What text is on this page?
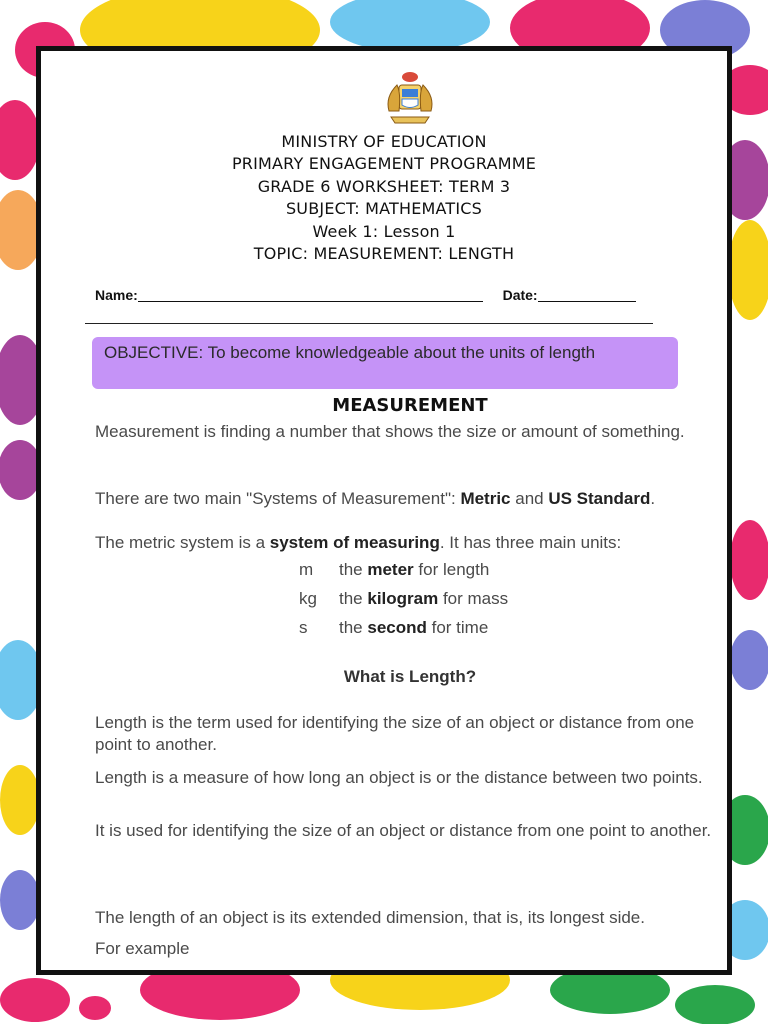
MINISTRY OF EDUCATION
PRIMARY ENGAGEMENT PROGRAMME
GRADE 6 WORKSHEET: TERM 3
SUBJECT: MATHEMATICS
Week 1: Lesson 1
TOPIC: MEASUREMENT: LENGTH
Name:	Date:
OBJECTIVE: To become knowledgeable about the units of length
MEASUREMENT
Measurement is finding a number that shows the size or amount of something.
There are two main "Systems of Measurement": Metric and US Standard.
The metric system is a system of measuring. It has three main units:
m the meter for length
kg the kilogram for mass
s the second for time
What is Length?
Length is the term used for identifying the size of an object or distance from one point to another.
Length is a measure of how long an object is or the distance between two points.
It is used for identifying the size of an object or distance from one point to another.
The length of an object is its extended dimension, that is, its longest side.
For example
